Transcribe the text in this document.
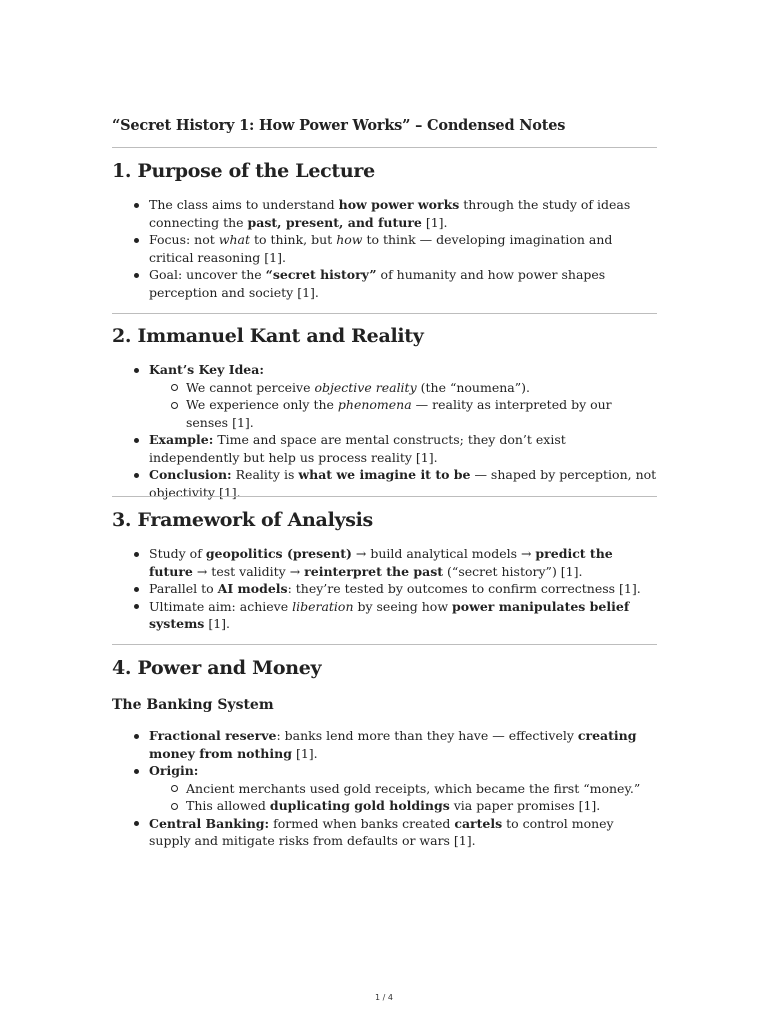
“Secret History 1: How Power Works” – Condensed Notes
1. Purpose of the Lecture
The class aims to understand how power works through the study of ideas connecting the past, present, and future [1].
Focus: not what to think, but how to think — developing imagination and critical reasoning [1].
Goal: uncover the “secret history” of humanity and how power shapes perception and society [1].
2. Immanuel Kant and Reality
Kant’s Key Idea:
We cannot perceive objective reality (the “noumena”).
We experience only the phenomena — reality as interpreted by our senses [1].
Example: Time and space are mental constructs; they don’t exist independently but help us process reality [1].
Conclusion: Reality is what we imagine it to be — shaped by perception, not objectivity [1].
3. Framework of Analysis
Study of geopolitics (present) → build analytical models → predict the future → test validity → reinterpret the past (“secret history”) [1].
Parallel to AI models: they’re tested by outcomes to confirm correctness [1].
Ultimate aim: achieve liberation by seeing how power manipulates belief systems [1].
4. Power and Money
The Banking System
Fractional reserve: banks lend more than they have — effectively creating money from nothing [1].
Origin:
Ancient merchants used gold receipts, which became the first “money.”
This allowed duplicating gold holdings via paper promises [1].
Central Banking: formed when banks created cartels to control money supply and mitigate risks from defaults or wars [1].
1 / 4
